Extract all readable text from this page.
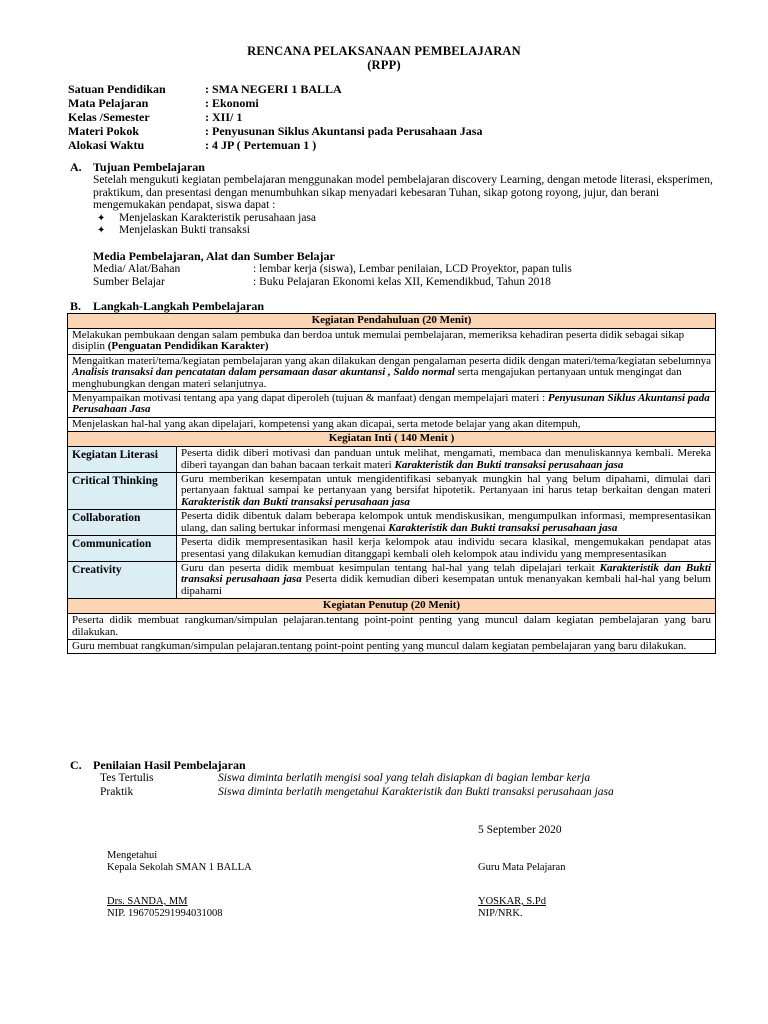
RENCANA PELAKSANAAN PEMBELAJARAN
(RPP)
Satuan Pendidikan	: SMA NEGERI 1 BALLA
Mata Pelajaran	: Ekonomi
Kelas /Semester	: XII/ 1
Materi Pokok	: Penyusunan Siklus Akuntansi pada Perusahaan Jasa
Alokasi Waktu	: 4 JP ( Pertemuan 1 )
A. Tujuan Pembelajaran
Setelah mengukuti kegiatan pembelajaran menggunakan model pembelajaran discovery Learning, dengan metode literasi, eksperimen, praktikum, dan presentasi dengan menumbuhkan sikap menyadari kebesaran Tuhan, sikap gotong royong, jujur, dan berani mengemukakan pendapat, siswa dapat :
✦ Menjelaskan Karakteristik perusahaan jasa
✦ Menjelaskan Bukti transaksi
Media Pembelajaran, Alat dan Sumber Belajar
Media/ Alat/Bahan	: lembar kerja (siswa), Lembar penilaian, LCD Proyektor, papan tulis
Sumber Belajar	: Buku Pelajaran Ekonomi kelas XII, Kemendikbud, Tahun 2018
B. Langkah-Langkah Pembelajaran
Kegiatan Pendahuluan (20 Menit)	
Melakukan pembukaan dengan salam pembuka dan berdoa untuk memulai pembelajaran, memeriksa kehadiran peserta didik sebagai sikap disiplin (Penguatan Pendidikan Karakter)	
Mengaitkan materi/tema/kegiatan pembelajaran yang akan dilakukan dengan pengalaman peserta didik dengan materi/tema/kegiatan sebelumnya Analisis transaksi dan pencatatan dalam persamaan dasar akuntansi , Saldo normal serta mengajukan pertanyaan untuk mengingat dan menghubungkan dengan materi selanjutnya.	
Menyampaikan motivasi tentang apa yang dapat diperoleh (tujuan & manfaat) dengan mempelajari materi : Penyusunan Siklus Akuntansi pada Perusahaan Jasa	
Menjelaskan hal-hal yang akan dipelajari, kompetensi yang akan dicapai, serta metode belajar yang akan ditempuh,	
Kegiatan Inti ( 140 Menit )	
Kegiatan Literasi	Peserta didik diberi motivasi dan panduan untuk melihat, mengamati, membaca dan menuliskannya kembali. Mereka diberi tayangan dan bahan bacaan terkait materi Karakteristik dan Bukti transaksi perusahaan jasa
Critical Thinking	Guru memberikan kesempatan untuk mengidentifikasi sebanyak mungkin hal yang belum dipahami, dimulai dari pertanyaan faktual sampai ke pertanyaan yang bersifat hipotetik. Pertanyaan ini harus tetap berkaitan dengan materi Karakteristik dan Bukti transaksi perusahaan jasa
Collaboration	Peserta didik dibentuk dalam beberapa kelompok untuk mendiskusikan, mengumpulkan informasi, mempresentasikan ulang, dan saling bertukar informasi mengenai Karakteristik dan Bukti transaksi perusahaan jasa
Communication	Peserta didik mempresentasikan hasil kerja kelompok atau individu secara klasikal, mengemukakan pendapat atas presentasi yang dilakukan kemudian ditanggapi kembali oleh kelompok atau individu yang mempresentasikan
Creativity	Guru dan peserta didik membuat kesimpulan tentang hal-hal yang telah dipelajari terkait Karakteristik dan Bukti transaksi perusahaan jasa Peserta didik kemudian diberi kesempatan untuk menanyakan kembali hal-hal yang belum dipahami
Kegiatan Penutup (20 Menit)	
Peserta didik membuat rangkuman/simpulan pelajaran.tentang point-point penting yang muncul dalam kegiatan pembelajaran yang baru dilakukan.	
Guru membuat rangkuman/simpulan pelajaran.tentang point-point penting yang muncul dalam kegiatan pembelajaran yang baru dilakukan.	
C. Penilaian Hasil Pembelajaran
Tes Tertulis	Siswa diminta berlatih mengisi soal yang telah disiapkan di bagian lembar kerja
Praktik	Siswa diminta berlatih mengetahui Karakteristik dan Bukti transaksi perusahaan jasa
5 September 2020
Mengetahui
Kepala Sekolah SMAN 1 BALLA	Guru Mata Pelajaran
Drs. SANDA, MM
NIP. 196705291994031008
YOSKAR, S.Pd
NIP/NRK.
